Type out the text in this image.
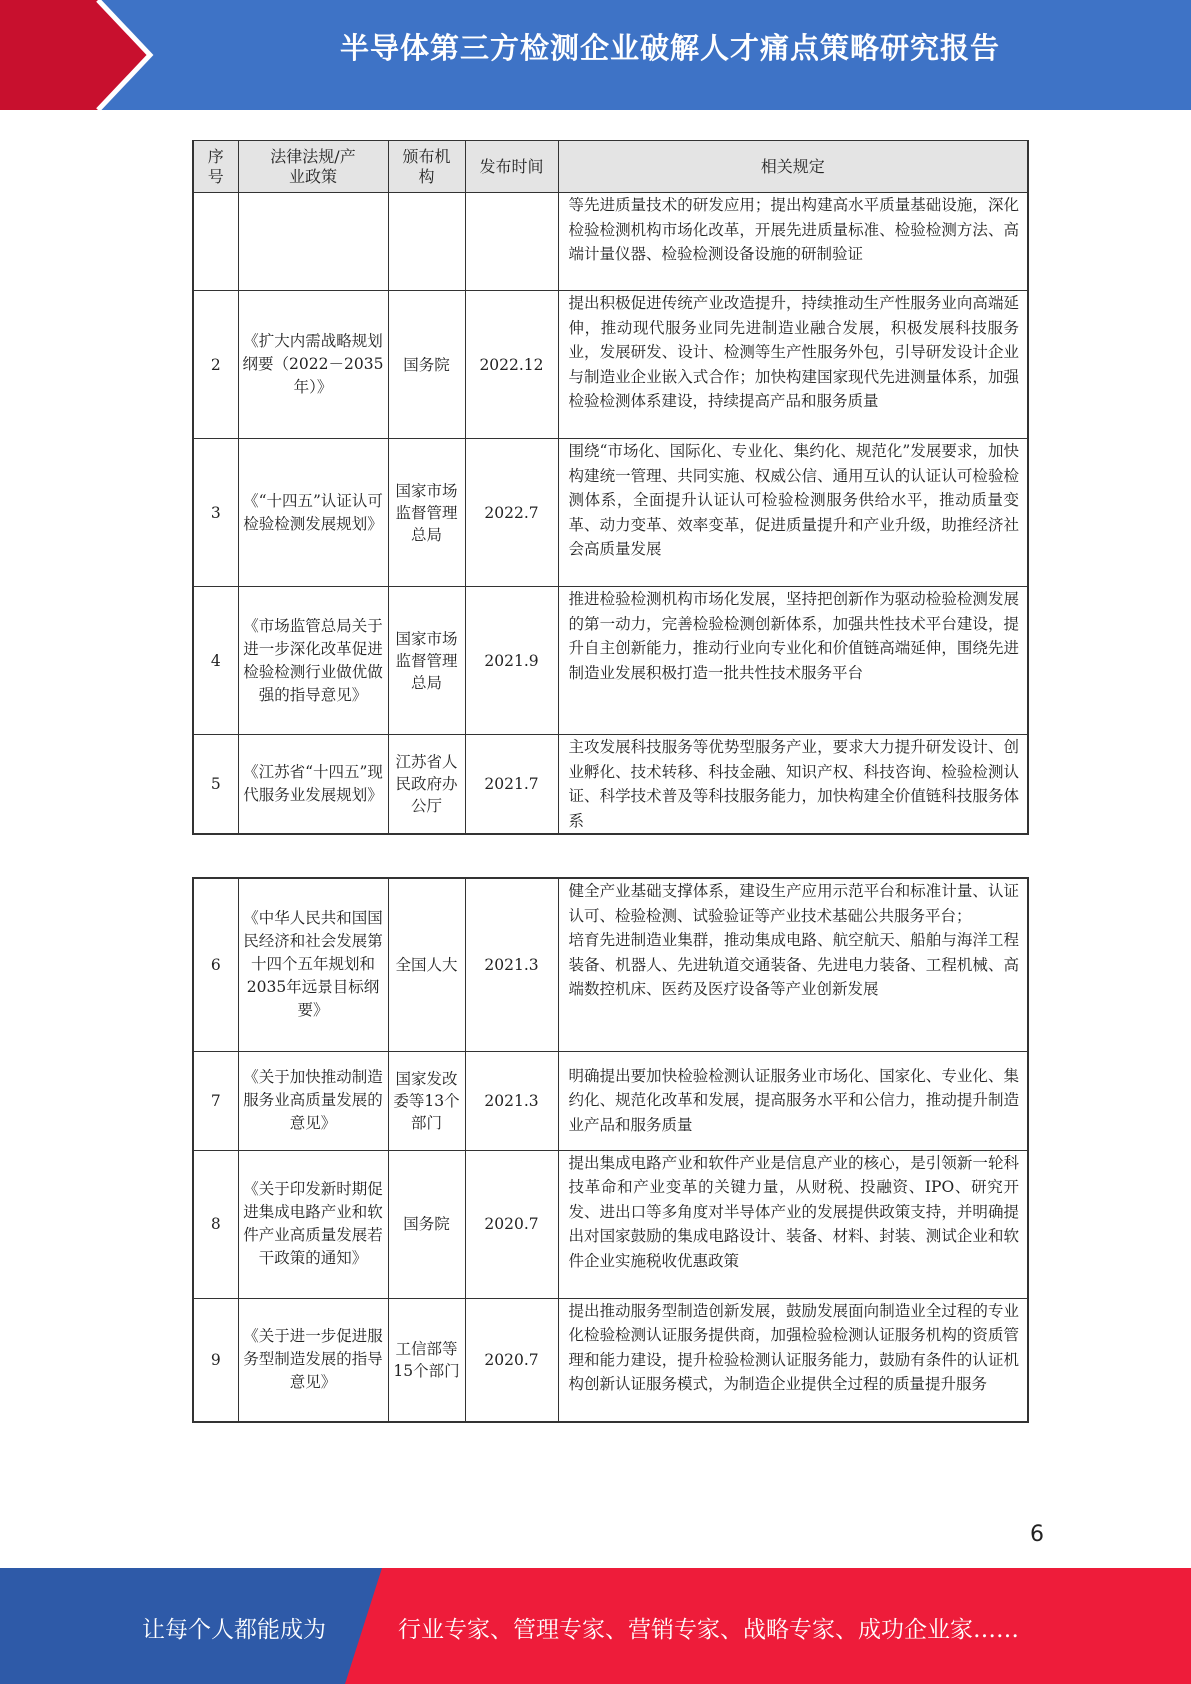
半导体第三方检测企业破解人才痛点策略研究报告
序号	法律法规/产业政策	颁布机构	发布时间	相关规定

				等先进质量技术的研发应用；提出构建高水平质量基础设施，深化检验检测机构市场化改革，开展先进质量标准、检验检测方法、高端计量仪器、检验检测设备设施的研制验证

2	《扩大内需战略规划纲要（2022－2035年）》	国务院	2022.12	提出积极促进传统产业改造提升，持续推动生产性服务业向高端延伸，推动现代服务业同先进制造业融合发展，积极发展科技服务业，发展研发、设计、检测等生产性服务外包，引导研发设计企业与制造业企业嵌入式合作；加快构建国家现代先进测量体系，加强检验检测体系建设，持续提高产品和服务质量

3	《“十四五”认证认可检验检测发展规划》	国家市场监督管理总局	2022.7	围绕“市场化、国际化、专业化、集约化、规范化”发展要求，加快构建统一管理、共同实施、权威公信、通用互认的认证认可检验检测体系，全面提升认证认可检验检测服务供给水平，推动质量变革、动力变革、效率变革，促进质量提升和产业升级，助推经济社会高质量发展

4	《市场监管总局关于进一步深化改革促进检验检测行业做优做强的指导意见》	国家市场监督管理总局	2021.9	推进检验检测机构市场化发展，坚持把创新作为驱动检验检测发展的第一动力，完善检验检测创新体系，加强共性技术平台建设，提升自主创新能力，推动行业向专业化和价值链高端延伸，围绕先进制造业发展积极打造一批共性技术服务平台

5	《江苏省“十四五”现代服务业发展规划》	江苏省人民政府办公厅	2021.7	主攻发展科技服务等优势型服务产业，要求大力提升研发设计、创业孵化、技术转移、科技金融、知识产权、科技咨询、检验检测认证、科学技术普及等科技服务能力，加快构建全价值链科技服务体系
6	《中华人民共和国国民经济和社会发展第十四个五年规划和2035年远景目标纲要》	全国人大	2021.3	健全产业基础支撑体系，建设生产应用示范平台和标准计量、认证认可、检验检测、试验验证等产业技术基础公共服务平台；
培育先进制造业集群，推动集成电路、航空航天、船舶与海洋工程装备、机器人、先进轨道交通装备、先进电力装备、工程机械、高端数控机床、医药及医疗设备等产业创新发展

7	《关于加快推动制造服务业高质量发展的意见》	国家发改委等13个部门	2021.3	明确提出要加快检验检测认证服务业市场化、国家化、专业化、集约化、规范化改革和发展，提高服务水平和公信力，推动提升制造业产品和服务质量

8	《关于印发新时期促进集成电路产业和软件产业高质量发展若干政策的通知》	国务院	2020.7	提出集成电路产业和软件产业是信息产业的核心，是引领新一轮科技革命和产业变革的关键力量，从财税、投融资、IPO、研究开发、进出口等多角度对半导体产业的发展提供政策支持，并明确提出对国家鼓励的集成电路设计、装备、材料、封装、测试企业和软件企业实施税收优惠政策

9	《关于进一步促进服务型制造发展的指导意见》	工信部等15个部门	2020.7	提出推动服务型制造创新发展，鼓励发展面向制造业全过程的专业化检验检测认证服务提供商，加强检验检测认证服务机构的资质管理和能力建设，提升检验检测认证服务能力，鼓励有条件的认证机构创新认证服务模式，为制造企业提供全过程的质量提升服务
6
让每个人都能成为	行业专家、管理专家、营销专家、战略专家、成功企业家……
